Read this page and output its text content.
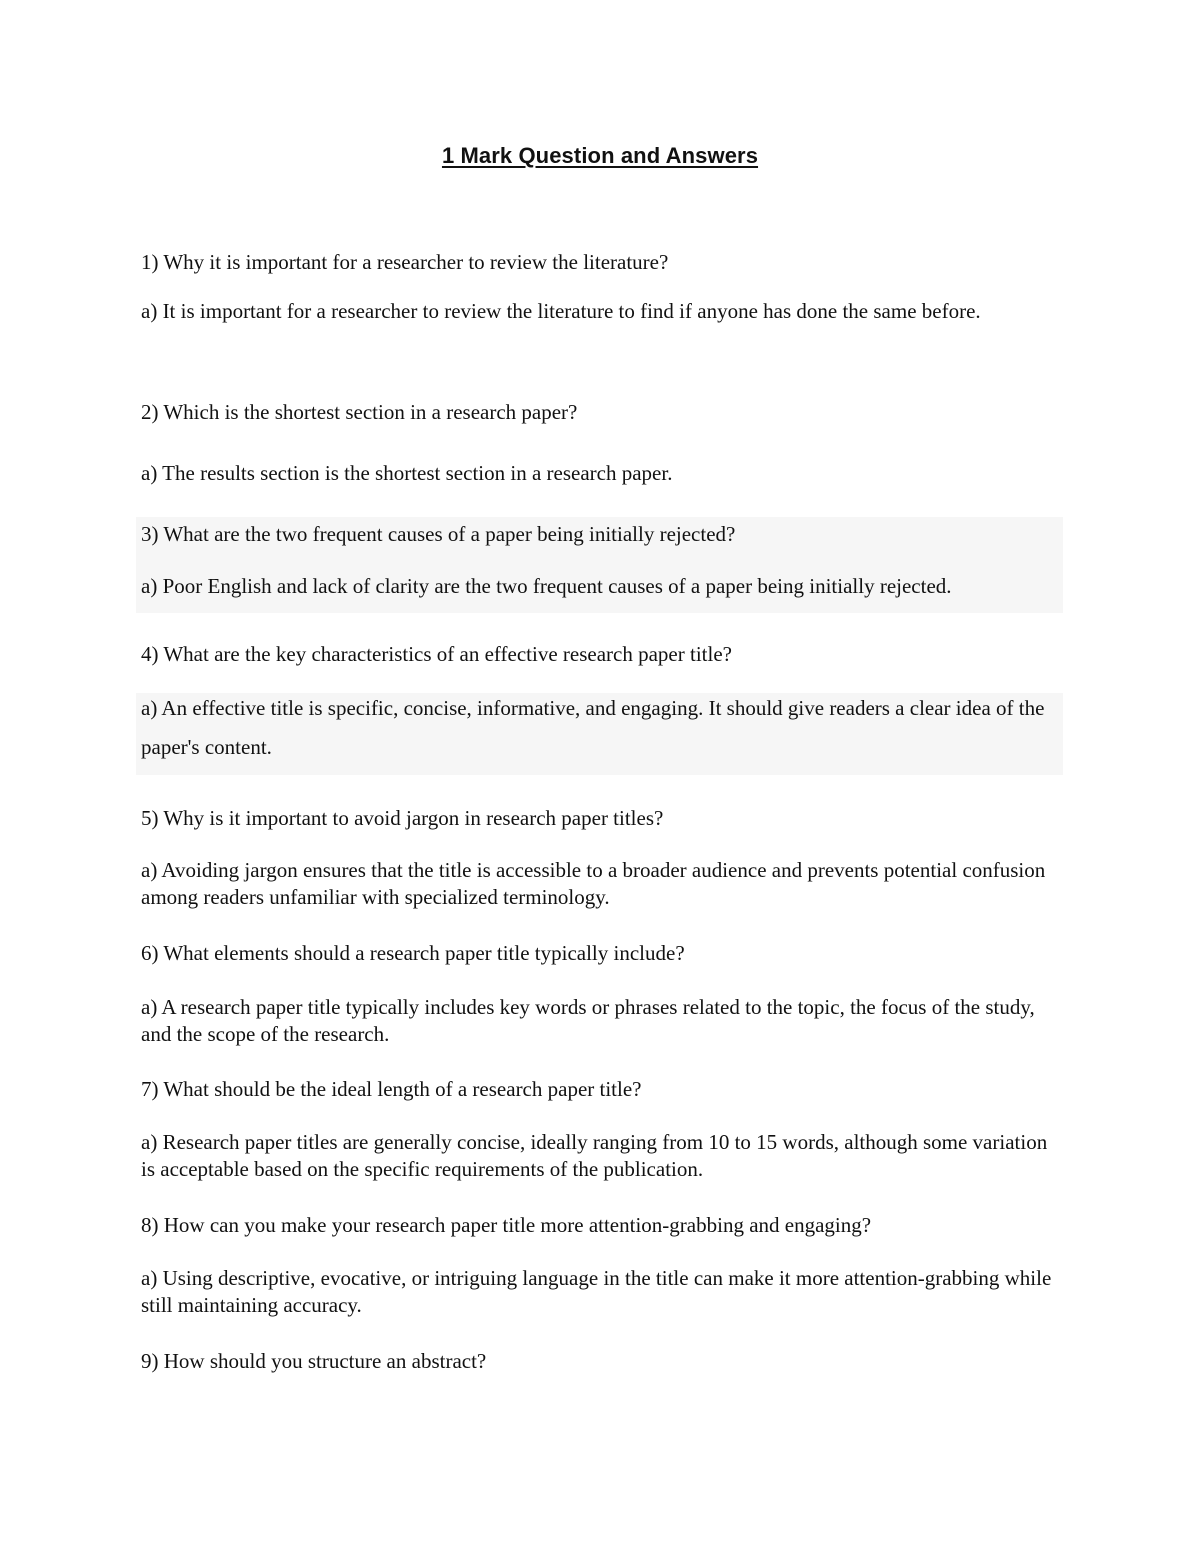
1 Mark Question and Answers
1) Why it is important for a researcher to review the literature?
a) It is important for a researcher to review the literature to find if anyone has done the same before.
2) Which is the shortest section in a research paper?
a) The results section is the shortest section in a research paper.
3) What are the two frequent causes of a paper being initially rejected?
a) Poor English and lack of clarity are the two frequent causes of a paper being initially rejected.
4) What are the key characteristics of an effective research paper title?
a) An effective title is specific, concise, informative, and engaging. It should give readers a clear idea of the paper's content.
5) Why is it important to avoid jargon in research paper titles?
a) Avoiding jargon ensures that the title is accessible to a broader audience and prevents potential confusion among readers unfamiliar with specialized terminology.
6) What elements should a research paper title typically include?
a) A research paper title typically includes key words or phrases related to the topic, the focus of the study, and the scope of the research.
7) What should be the ideal length of a research paper title?
a) Research paper titles are generally concise, ideally ranging from 10 to 15 words, although some variation is acceptable based on the specific requirements of the publication.
8) How can you make your research paper title more attention-grabbing and engaging?
a) Using descriptive, evocative, or intriguing language in the title can make it more attention-grabbing while still maintaining accuracy.
9) How should you structure an abstract?
